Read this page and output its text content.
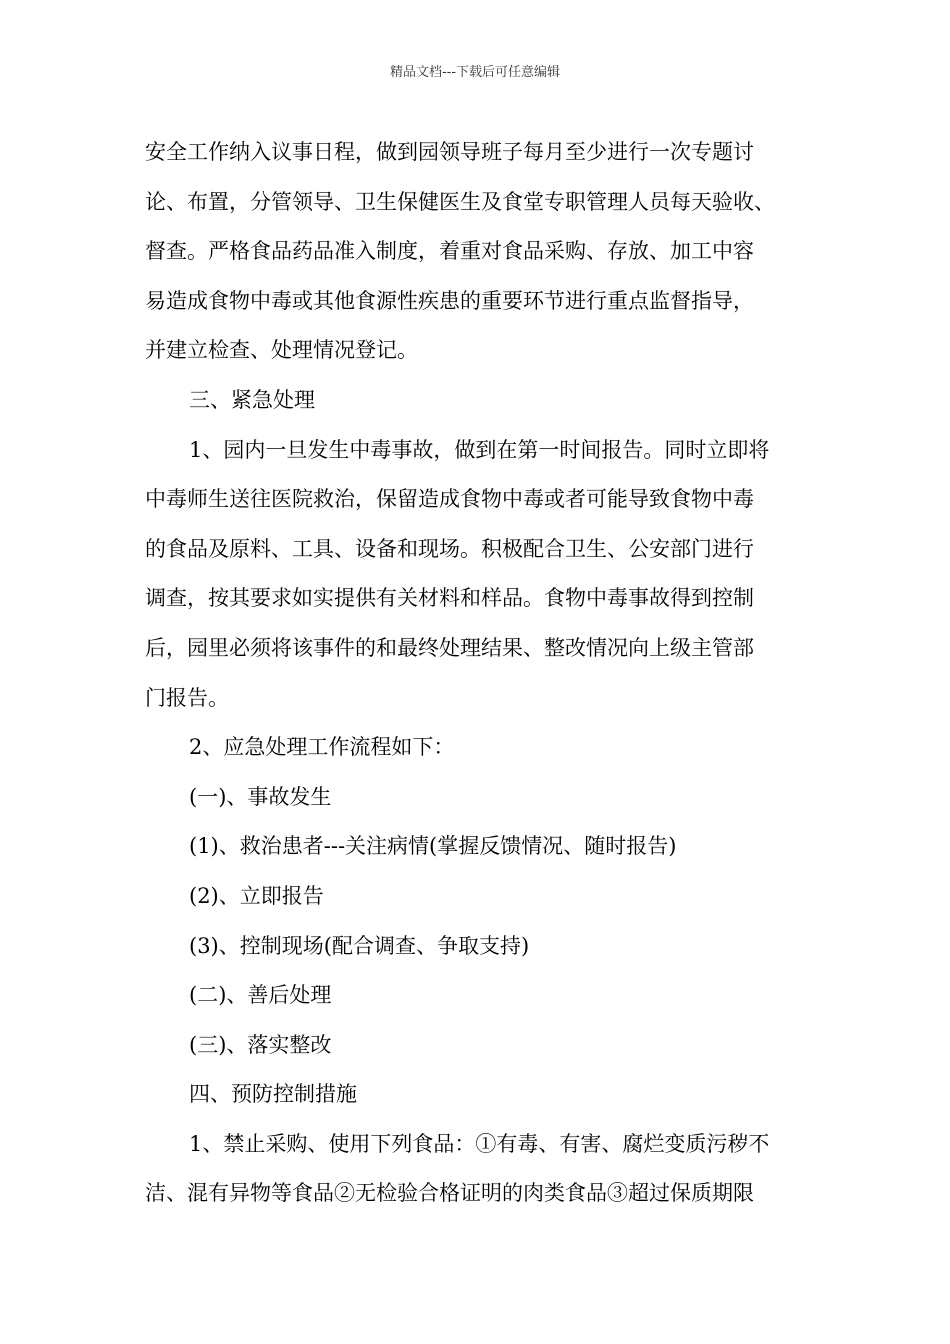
精品文档---下载后可任意编辑
安全工作纳入议事日程，做到园领导班子每月至少进行一次专题讨
论、布置，分管领导、卫生保健医生及食堂专职管理人员每天验收、
督查。严格食品药品准入制度，着重对食品采购、存放、加工中容
易造成食物中毒或其他食源性疾患的重要环节进行重点监督指导，
并建立检查、处理情况登记。
三、紧急处理
1、园内一旦发生中毒事故，做到在第一时间报告。同时立即将
中毒师生送往医院救治，保留造成食物中毒或者可能导致食物中毒
的食品及原料、工具、设备和现场。积极配合卫生、公安部门进行
调查，按其要求如实提供有关材料和样品。食物中毒事故得到控制
后，园里必须将该事件的和最终处理结果、整改情况向上级主管部
门报告。
2、应急处理工作流程如下：
(一)、事故发生
(1)、救治患者---关注病情(掌握反馈情况、随时报告)
(2)、立即报告
(3)、控制现场(配合调查、争取支持)
(二)、善后处理
(三)、落实整改
四、预防控制措施
1、禁止采购、使用下列食品：①有毒、有害、腐烂变质污秽不
洁、混有异物等食品②无检验合格证明的肉类食品③超过保质期限
